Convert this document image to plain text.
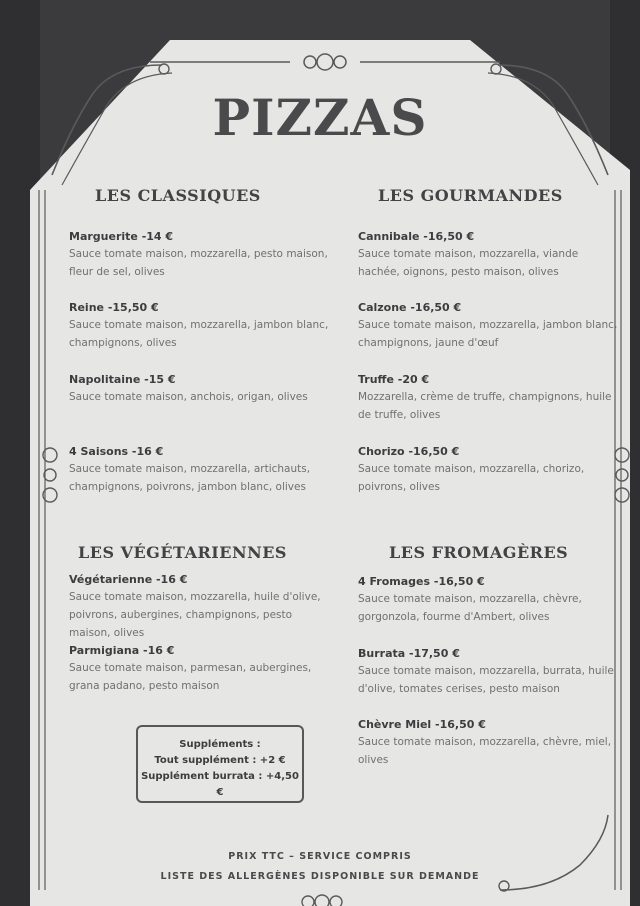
PIZZAS
LES CLASSIQUES
Marguerite -14 €
Sauce tomate maison, mozzarella, pesto maison, fleur de sel, olives
Reine -15,50 €
Sauce tomate maison, mozzarella, jambon blanc, champignons, olives
Napolitaine -15 €
Sauce tomate maison, anchois, origan, olives
4 Saisons -16 €
Sauce tomate maison, mozzarella, artichauts, champignons, poivrons, jambon blanc, olives
LES GOURMANDES
Cannibale -16,50 €
Sauce tomate maison, mozzarella, viande hachée, oignons, pesto maison, olives
Calzone -16,50 €
Sauce tomate maison, mozzarella, jambon blanc, champignons, jaune d'œuf
Truffe -20 €
Mozzarella, crème de truffe, champignons, huile de truffe, olives
Chorizo -16,50 €
Sauce tomate maison, mozzarella, chorizo, poivrons, olives
LES VÉGÉTARIENNES
Végétarienne -16 €
Sauce tomate maison, mozzarella, huile d'olive, poivrons, aubergines, champignons, pesto maison, olives
Parmigiana -16 €
Sauce tomate maison, parmesan, aubergines, grana padano, pesto maison
LES FROMAGÈRES
4 Fromages -16,50 €
Sauce tomate maison, mozzarella, chèvre, gorgonzola, fourme d'Ambert, olives
Burrata -17,50 €
Sauce tomate maison, mozzarella, burrata, huile d'olive, tomates cerises, pesto maison
Chèvre Miel -16,50 €
Sauce tomate maison, mozzarella, chèvre, miel, olives
Suppléments :
Tout supplément : +2 €
Supplément burrata : +4,50 €
PRIX TTC – SERVICE COMPRIS
LISTE DES ALLERGÈNES DISPONIBLE SUR DEMANDE
